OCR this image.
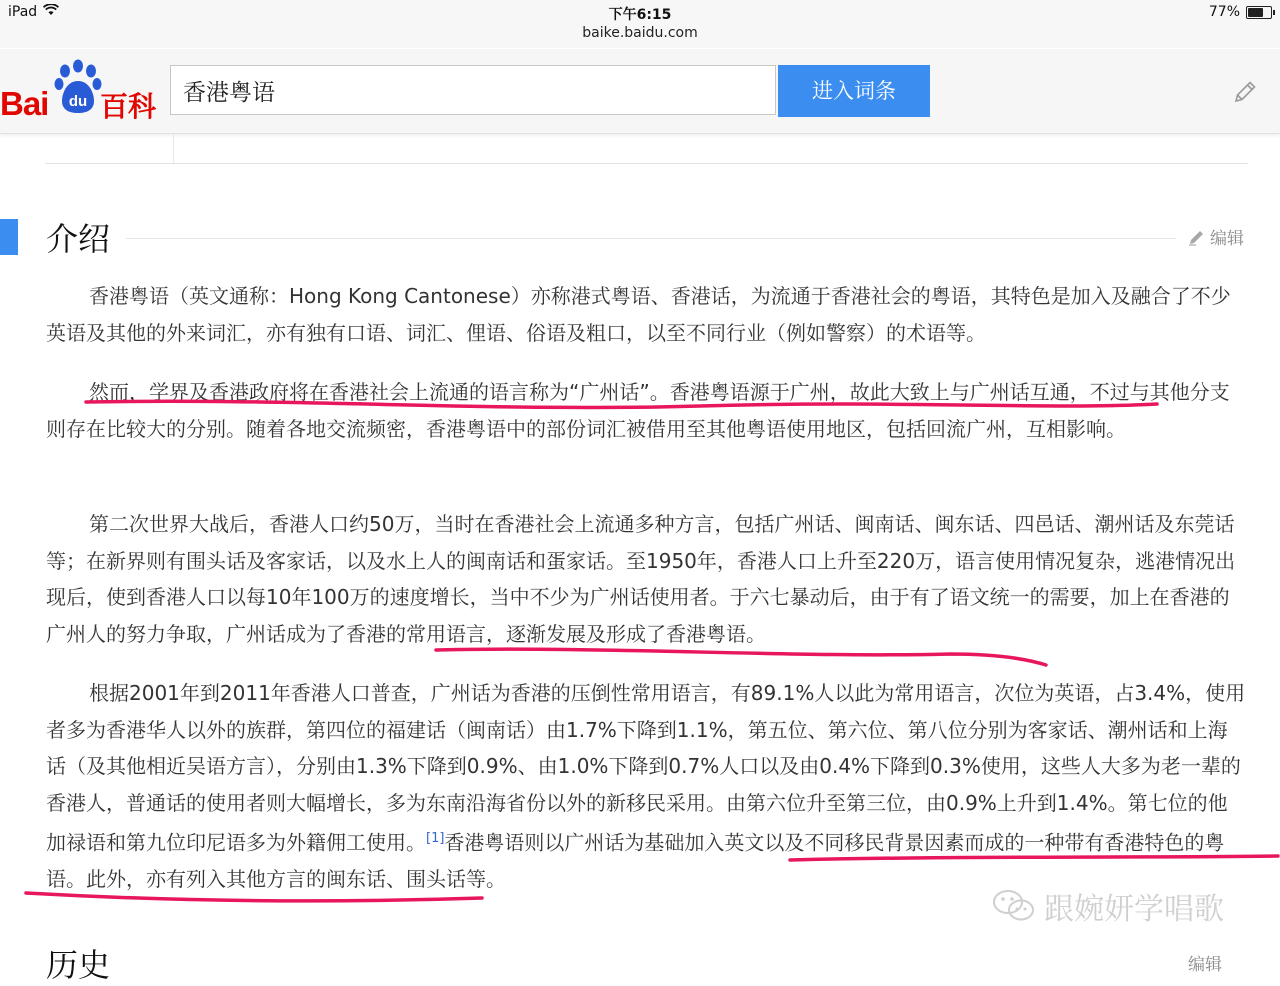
iPad	下午6:15
baike.baidu.com
77%
Bai du 百科
香港粤语	进入词条
介绍	编辑
香港粤语（英文通称：Hong Kong Cantonese）亦称港式粤语、香港话，为流通于香港社会的粤语，其特色是加入及融合了不少英语及其他的外来词汇，亦有独有口语、词汇、俚语、俗语及粗口，以至不同行业（例如警察）的术语等。
然而，学界及香港政府将在香港社会上流通的语言称为“广州话”。香港粤语源于广州，故此大致上与广州话互通，不过与其他分支则存在比较大的分别。随着各地交流频密，香港粤语中的部份词汇被借用至其他粤语使用地区，包括回流广州，互相影响。
第二次世界大战后，香港人口约50万，当时在香港社会上流通多种方言，包括广州话、闽南话、闽东话、四邑话、潮州话及东莞话等；在新界则有围头话及客家话，以及水上人的闽南话和蛋家话。至1950年，香港人口上升至220万，语言使用情况复杂，逃港情况出现后，使到香港人口以每10年100万的速度增长，当中不少为广州话使用者。于六七暴动后，由于有了语文统一的需要，加上在香港的广州人的努力争取，广州话成为了香港的常用语言，逐渐发展及形成了香港粤语。
根据2001年到2011年香港人口普查，广州话为香港的压倒性常用语言，有89.1%人以此为常用语言，次位为英语，占3.4%，使用者多为香港华人以外的族群，第四位的福建话（闽南话）由1.7%下降到1.1%，第五位、第六位、第八位分别为客家话、潮州话和上海话（及其他相近吴语方言），分别由1.3%下降到0.9%、由1.0%下降到0.7%人口以及由0.4%下降到0.3%使用，这些人大多为老一辈的香港人，普通话的使用者则大幅增长，多为东南沿海省份以外的新移民采用。由第六位升至第三位，由0.9%上升到1.4%。第七位的他加禄语和第九位印尼语多为外籍佣工使用。[1]香港粤语则以广州话为基础加入英文以及不同移民背景因素而成的一种带有香港特色的粤语。此外，亦有列入其他方言的闽东话、围头话等。
跟婉妍学唱歌
历史	编辑
